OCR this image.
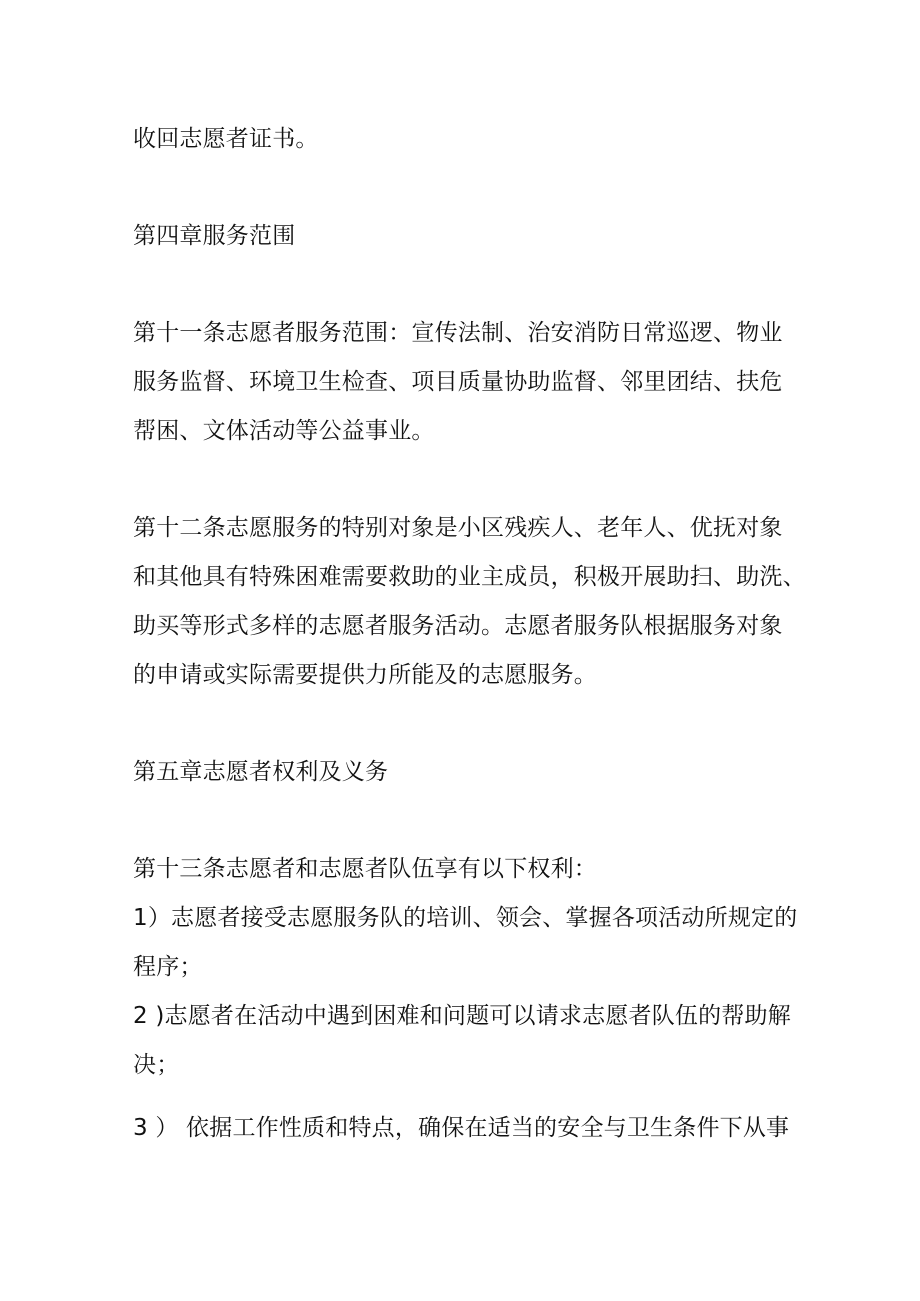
收回志愿者证书。
第四章服务范围
第十一条志愿者服务范围：宣传法制、治安消防日常巡逻、物业
服务监督、环境卫生检查、项目质量协助监督、邻里团结、扶危
帮困、文体活动等公益事业。
第十二条志愿服务的特别对象是小区残疾人、老年人、优抚对象
和其他具有特殊困难需要救助的业主成员，积极开展助扫、助洗、
助买等形式多样的志愿者服务活动。志愿者服务队根据服务对象
的申请或实际需要提供力所能及的志愿服务。
第五章志愿者权利及义务
第十三条志愿者和志愿者队伍享有以下权利：
1）志愿者接受志愿服务队的培训、领会、掌握各项活动所规定的
程序；
2 )志愿者在活动中遇到困难和问题可以请求志愿者队伍的帮助解
决；
3 ） 依据工作性质和特点，确保在适当的安全与卫生条件下从事
